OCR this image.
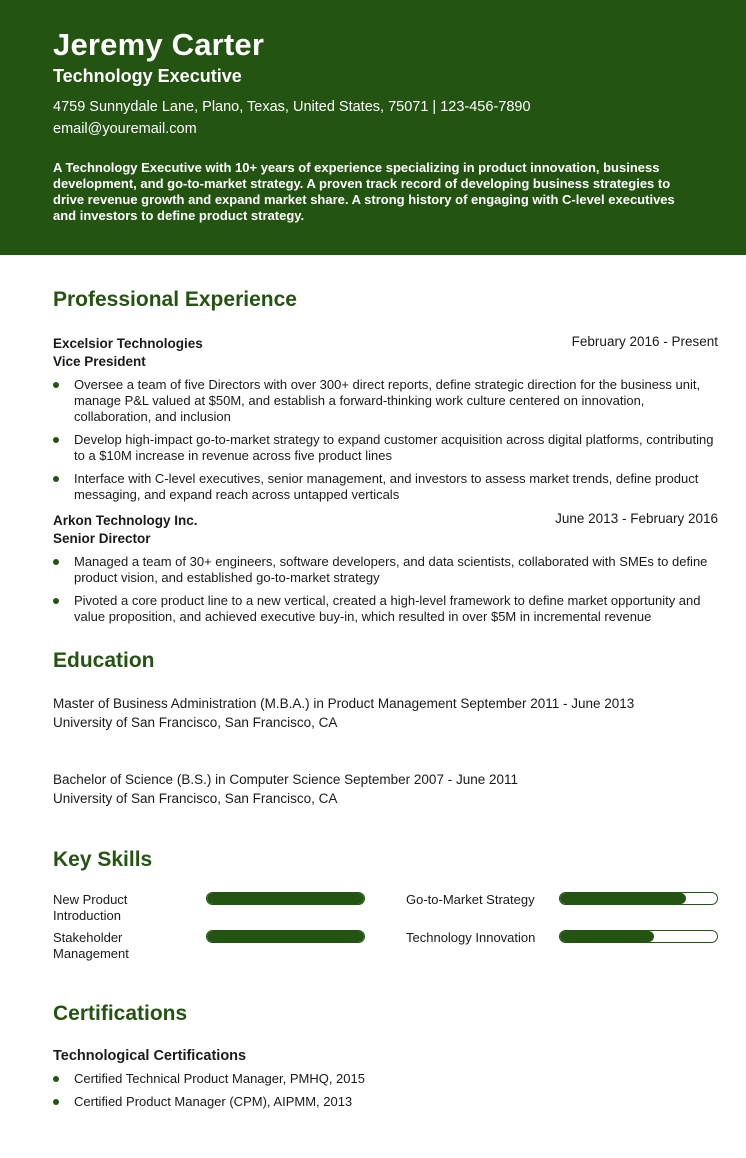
Jeremy Carter
Technology Executive
4759 Sunnydale Lane, Plano, Texas, United States, 75071 | 123-456-7890
email@youremail.com
A Technology Executive with 10+ years of experience specializing in product innovation, business development, and go-to-market strategy. A proven track record of developing business strategies to drive revenue growth and expand market share. A strong history of engaging with C-level executives and investors to define product strategy.
Professional Experience
Excelsior Technologies	February 2016 - Present
Vice President
Oversee a team of five Directors with over 300+ direct reports, define strategic direction for the business unit, manage P&L valued at $50M, and establish a forward-thinking work culture centered on innovation, collaboration, and inclusion
Develop high-impact go-to-market strategy to expand customer acquisition across digital platforms, contributing to a $10M increase in revenue across five product lines
Interface with C-level executives, senior management, and investors to assess market trends, define product messaging, and expand reach across untapped verticals
Arkon Technology Inc.	June 2013 - February 2016
Senior Director
Managed a team of 30+ engineers, software developers, and data scientists, collaborated with SMEs to define product vision, and established go-to-market strategy
Pivoted a core product line to a new vertical, created a high-level framework to define market opportunity and value proposition, and achieved executive buy-in, which resulted in over $5M in incremental revenue
Education
Master of Business Administration (M.B.A.) in Product Management September 2011 - June 2013
University of San Francisco, San Francisco, CA
Bachelor of Science (B.S.) in Computer Science September 2007 - June 2011
University of San Francisco, San Francisco, CA
Key Skills
New Product Introduction
Go-to-Market Strategy
Stakeholder Management
Technology Innovation
Certifications
Technological Certifications
Certified Technical Product Manager, PMHQ, 2015
Certified Product Manager (CPM), AIPMM, 2013
